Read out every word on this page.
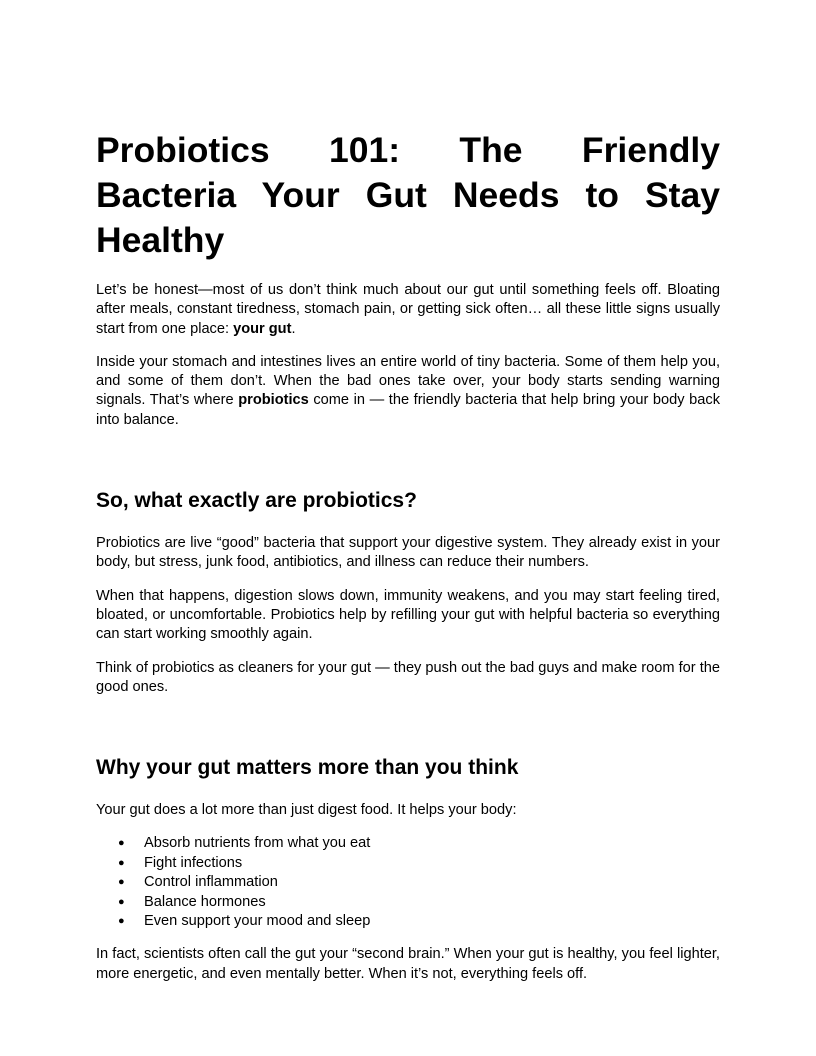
Probiotics 101: The Friendly Bacteria Your Gut Needs to Stay Healthy

Let’s be honest—most of us don’t think much about our gut until something feels off. Bloating after meals, constant tiredness, stomach pain, or getting sick often… all these little signs usually start from one place: your gut.

Inside your stomach and intestines lives an entire world of tiny bacteria. Some of them help you, and some of them don’t. When the bad ones take over, your body starts sending warning signals. That’s where probiotics come in — the friendly bacteria that help bring your body back into balance.

So, what exactly are probiotics?

Probiotics are live “good” bacteria that support your digestive system. They already exist in your body, but stress, junk food, antibiotics, and illness can reduce their numbers.

When that happens, digestion slows down, immunity weakens, and you may start feeling tired, bloated, or uncomfortable. Probiotics help by refilling your gut with helpful bacteria so everything can start working smoothly again.

Think of probiotics as cleaners for your gut — they push out the bad guys and make room for the good ones.

Why your gut matters more than you think

Your gut does a lot more than just digest food. It helps your body:

● Absorb nutrients from what you eat
● Fight infections
● Control inflammation
● Balance hormones
● Even support your mood and sleep

In fact, scientists often call the gut your “second brain.” When your gut is healthy, you feel lighter, more energetic, and even mentally better. When it’s not, everything feels off.
